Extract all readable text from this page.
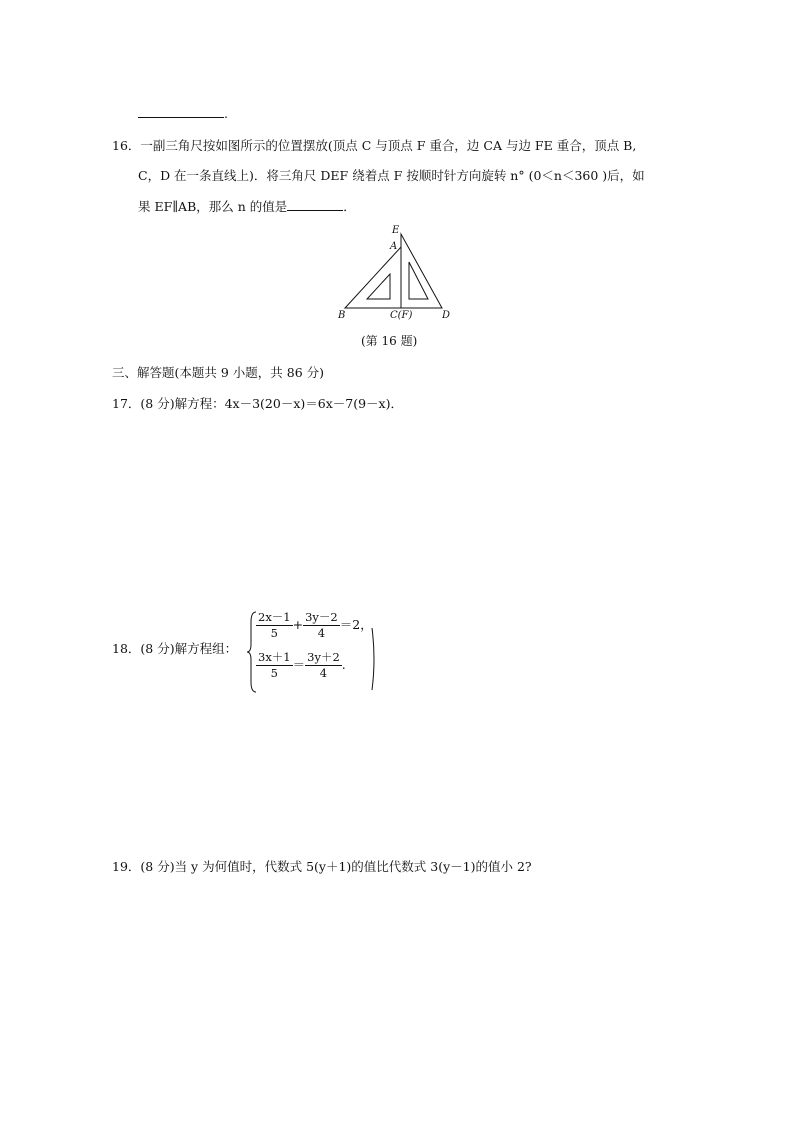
.
16．一副三角尺按如图所示的位置摆放(顶点 C 与顶点 F 重合，边 CA 与边 FE 重合，顶点 B,
C，D 在一条直线上)．将三角尺 DEF 绕着点 F 按顺时针方向旋转 n° (0＜n＜360 )后，如
果 EF∥AB，那么 n 的值是	．
E
A
B	C(F)	D
(第 16 题)
三、解答题(本题共 9 小题，共 86 分)
17．(8 分)解方程：4x－3(20－x)＝6x－7(9－x)．
18．(8 分)解方程组：
$\frac{2x-1}{5} + \frac{3y-2}{4} =2$，
$\frac{3x+1}{5} = \frac{3y+2}{4}$ .
19．(8 分)当 y 为何值时，代数式 5(y＋1)的值比代数式 3(y－1)的值小 2?
